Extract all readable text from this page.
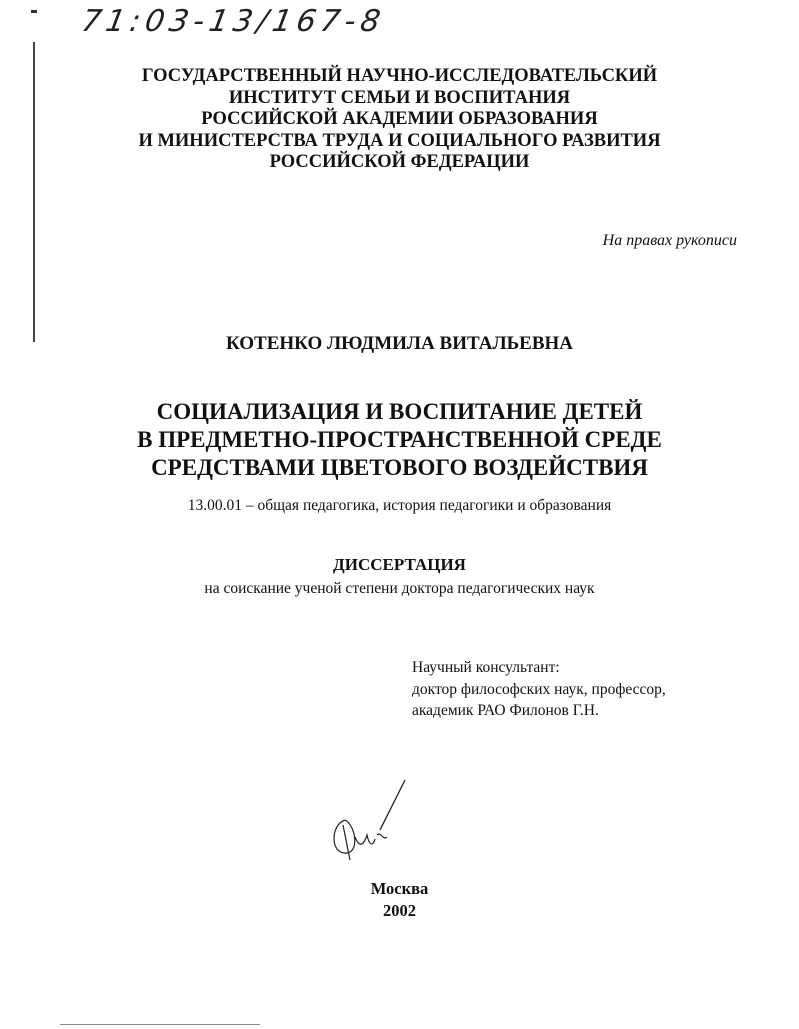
71:03-13/167-8
ГОСУДАРСТВЕННЫЙ НАУЧНО-ИССЛЕДОВАТЕЛЬСКИЙ
ИНСТИТУТ СЕМЬИ И ВОСПИТАНИЯ
РОССИЙСКОЙ АКАДЕМИИ ОБРАЗОВАНИЯ
И МИНИСТЕРСТВА ТРУДА И СОЦИАЛЬНОГО РАЗВИТИЯ
РОССИЙСКОЙ ФЕДЕРАЦИИ
На правах рукописи
КОТЕНКО ЛЮДМИЛА ВИТАЛЬЕВНА
СОЦИАЛИЗАЦИЯ И ВОСПИТАНИЕ ДЕТЕЙ
В ПРЕДМЕТНО-ПРОСТРАНСТВЕННОЙ СРЕДЕ
СРЕДСТВАМИ ЦВЕТОВОГО ВОЗДЕЙСТВИЯ
13.00.01 – общая педагогика, история педагогики и образования
ДИССЕРТАЦИЯ
на соискание ученой степени доктора педагогических наук
Научный консультант:
доктор философских наук, профессор,
академик РАО Филонов Г.Н.
Москва
2002
